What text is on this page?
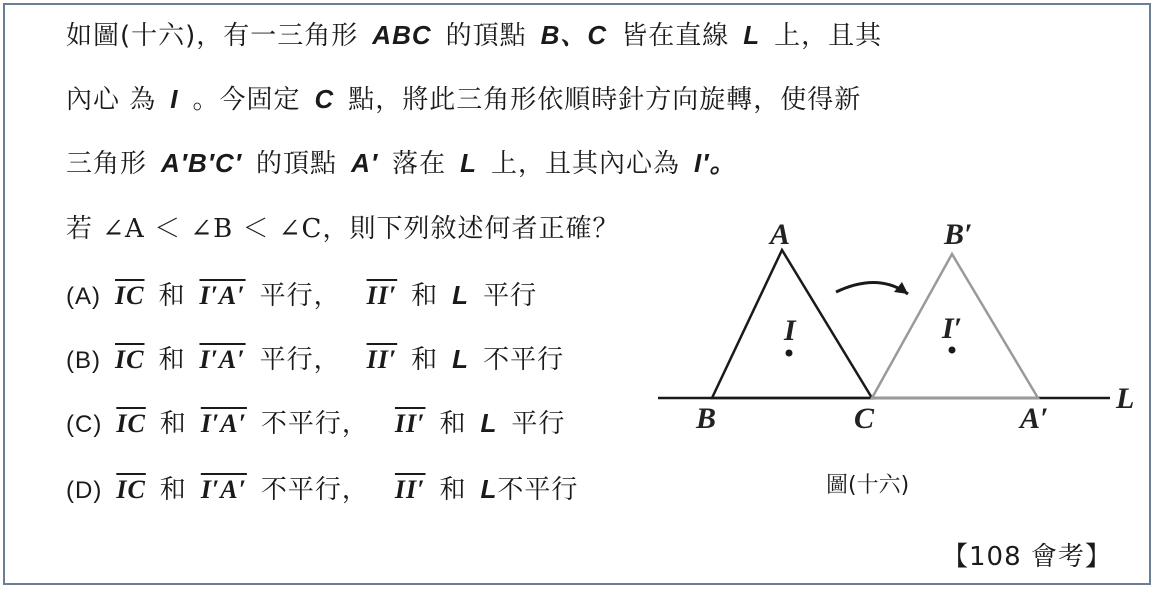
如圖(十六)，有一三角形 ABC 的頂點 B、C 皆在直線 L 上，且其
內心 為 I 。今固定 C 點，將此三角形依順時針方向旋轉，使得新
三角形 A′B′C′ 的頂點 A′ 落在 L 上，且其內心為 I′。
若 ∠A ＜ ∠B ＜ ∠C，則下列敘述何者正確？
(A) $\overline{IC}$ 和 I′A′ 平行， II′ 和 L 平行
(B) $\overline{IC}$ 和 I′A′ 平行， II′ 和 L 不平行
(C) $\overline{IC}$ 和 I′A′ 不平行， II′ 和 L 平行
(D) $\overline{IC}$ 和 I′A′ 不平行， II′ 和 L不平行
A	B′
I	I′
B	C	A′
L
圖(十六)
【108 會考】
